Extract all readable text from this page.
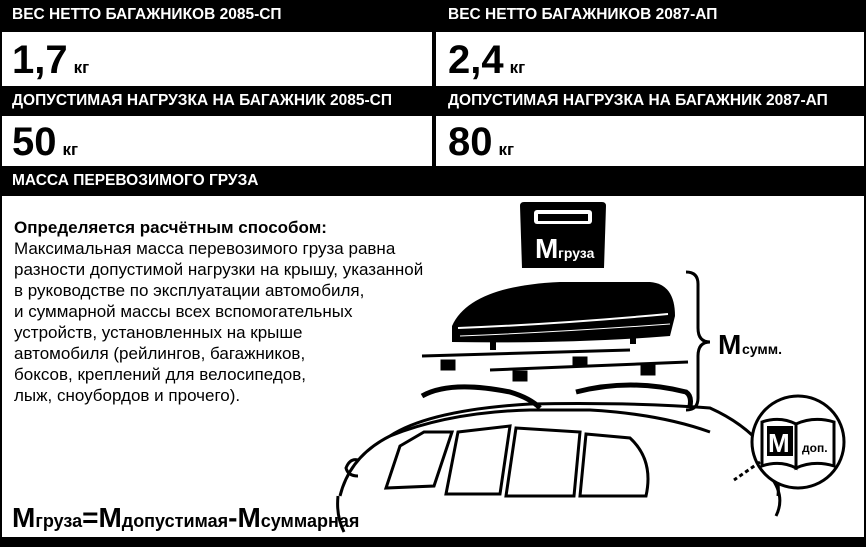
ВЕС НЕТТО БАГАЖНИКОВ 2085-СП	ВЕС НЕТТО БАГАЖНИКОВ 2087-АП
1,7 кг	2,4 кг
ДОПУСТИМАЯ НАГРУЗКА НА БАГАЖНИК 2085-СП	ДОПУСТИМАЯ НАГРУЗКА НА БАГАЖНИК 2087-АП
50 кг	80 кг
МАССА ПЕРЕВОЗИМОГО ГРУЗА
Определяется расчётным способом:
Максимальная масса перевозимого груза равна
разности допустимой нагрузки на крышу, указанной
в руководстве по эксплуатации автомобиля,
и суммарной массы всех вспомогательных
устройств, установленных на крыше
автомобиля (рейлингов, багажников,
боксов, креплений для велосипедов,
лыж, сноубордов и прочего).
Mгруза=Mдопустимая-Mсуммарная
M груза
M сумм.
M доп.
